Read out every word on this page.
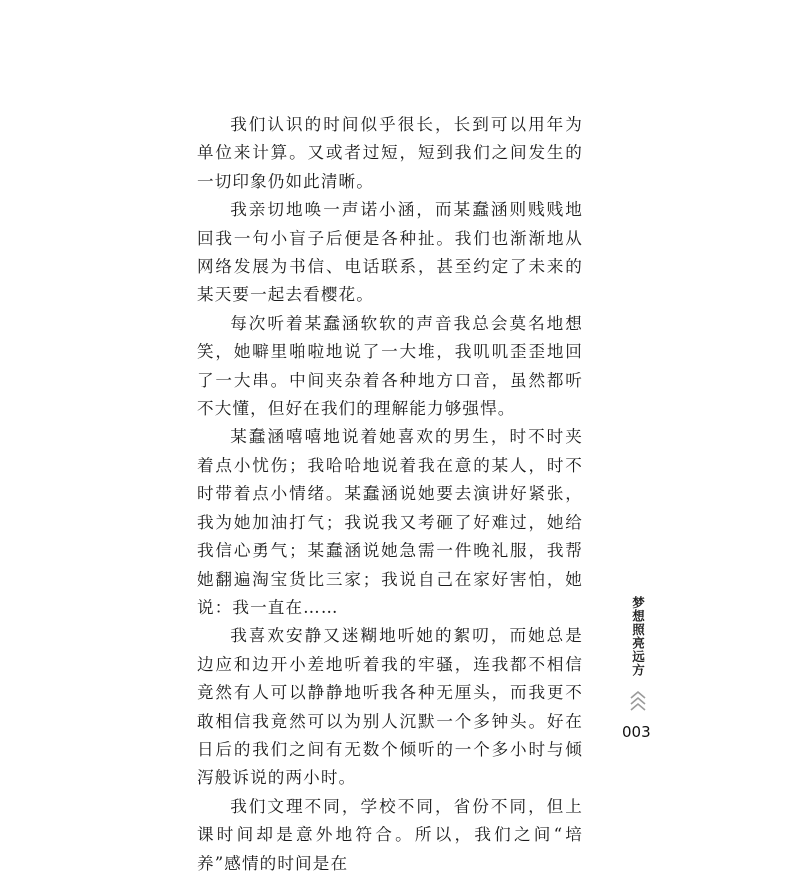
我们认识的时间似乎很长，长到可以用年为单位来计算。又或者过短，短到我们之间发生的一切印象仍如此清晰。

我亲切地唤一声诺小涵，而某蠢涵则贱贱地回我一句小盲子后便是各种扯。我们也渐渐地从网络发展为书信、电话联系，甚至约定了未来的某天要一起去看樱花。

每次听着某蠢涵软软的声音我总会莫名地想笑，她噼里啪啦地说了一大堆，我叽叽歪歪地回了一大串。中间夹杂着各种地方口音，虽然都听不大懂，但好在我们的理解能力够强悍。

某蠢涵嘻嘻地说着她喜欢的男生，时不时夹着点小忧伤；我哈哈地说着我在意的某人，时不时带着点小情绪。某蠢涵说她要去演讲好紧张，我为她加油打气；我说我又考砸了好难过，她给我信心勇气；某蠢涵说她急需一件晚礼服，我帮她翻遍淘宝货比三家；我说自己在家好害怕，她说：我一直在……

我喜欢安静又迷糊地听她的絮叨，而她总是边应和边开小差地听着我的牢骚，连我都不相信竟然有人可以静静地听我各种无厘头，而我更不敢相信我竟然可以为别人沉默一个多钟头。好在日后的我们之间有无数个倾听的一个多小时与倾泻般诉说的两小时。

我们文理不同，学校不同，省份不同，但上课时间却是意外地符合。所以，我们之间“培养”感情的时间是在

梦想照亮远方
003
